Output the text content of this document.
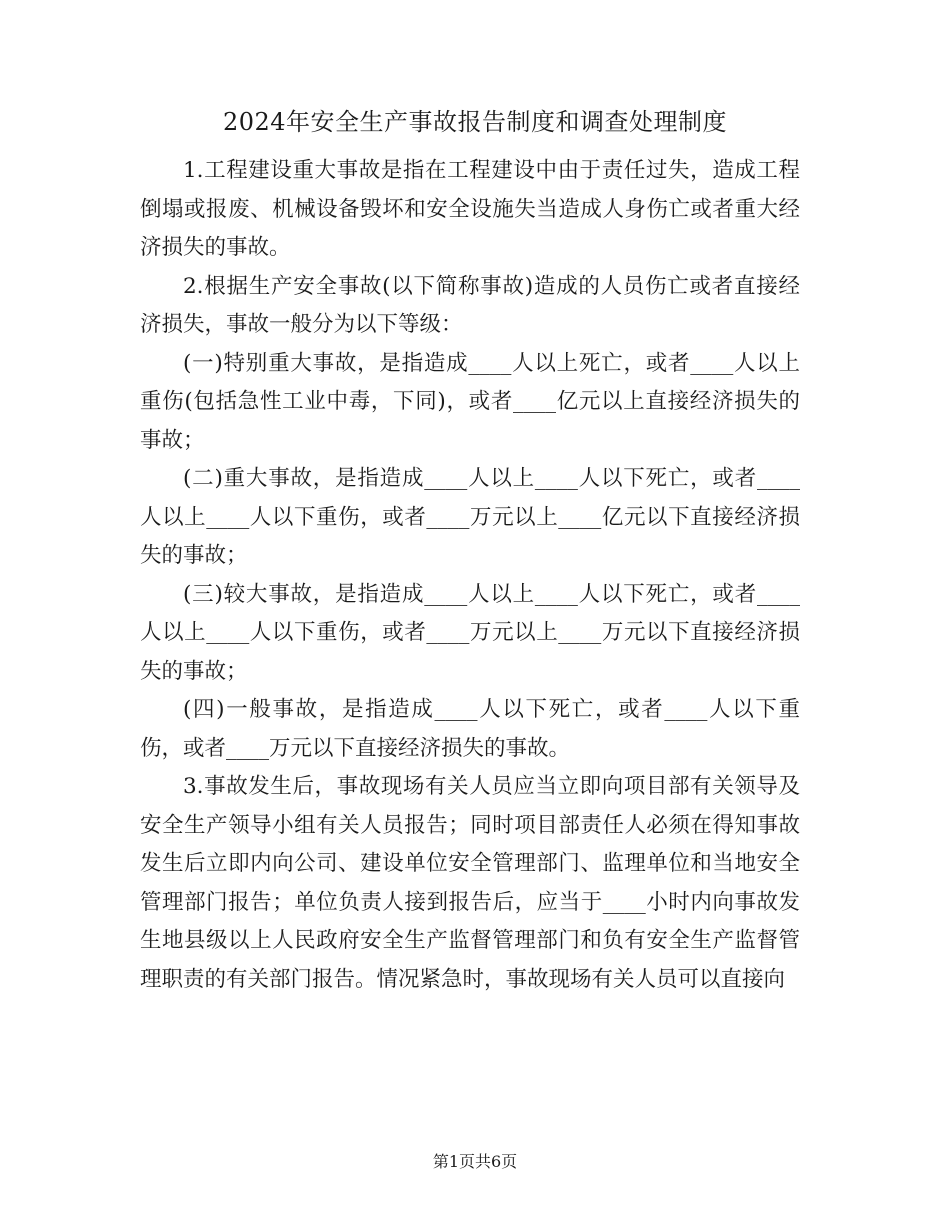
2024年安全生产事故报告制度和调查处理制度

1.工程建设重大事故是指在工程建设中由于责任过失，造成工程倒塌或报废、机械设备毁坏和安全设施失当造成人身伤亡或者重大经济损失的事故。

2.根据生产安全事故(以下简称事故)造成的人员伤亡或者直接经济损失，事故一般分为以下等级：

(一)特别重大事故，是指造成____人以上死亡，或者____人以上重伤(包括急性工业中毒，下同)，或者____亿元以上直接经济损失的事故；

(二)重大事故，是指造成____人以上____人以下死亡，或者____人以上____人以下重伤，或者____万元以上____亿元以下直接经济损失的事故；

(三)较大事故，是指造成____人以上____人以下死亡，或者____人以上____人以下重伤，或者____万元以上____万元以下直接经济损失的事故；

(四)一般事故，是指造成____人以下死亡，或者____人以下重伤，或者____万元以下直接经济损失的事故。

3.事故发生后，事故现场有关人员应当立即向项目部有关领导及安全生产领导小组有关人员报告；同时项目部责任人必须在得知事故发生后立即内向公司、建设单位安全管理部门、监理单位和当地安全管理部门报告；单位负责人接到报告后，应当于____小时内向事故发生地县级以上人民政府安全生产监督管理部门和负有安全生产监督管理职责的有关部门报告。情况紧急时，事故现场有关人员可以直接向

第1页共6页
